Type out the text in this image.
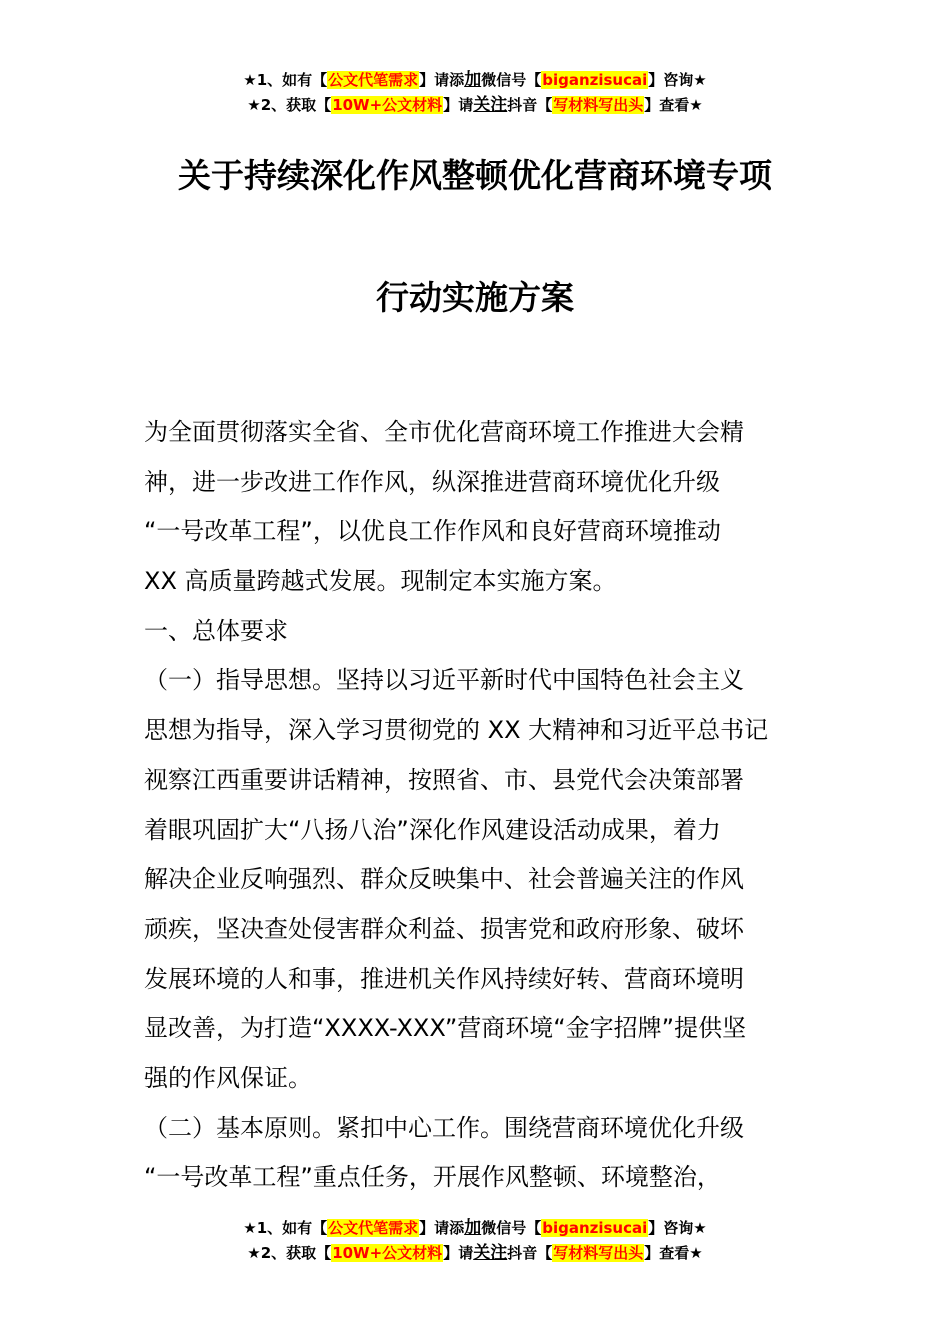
★1、如有【公文代笔需求】请添加微信号【biganzisucai】咨询★
★2、获取【10W+公文材料】请关注抖音【写材料写出头】查看★
关于持续深化作风整顿优化营商环境专项
行动实施方案
为全面贯彻落实全省、全市优化营商环境工作推进大会精
神，进一步改进工作作风，纵深推进营商环境优化升级
“一号改革工程”，以优良工作作风和良好营商环境推动
XX 高质量跨越式发展。现制定本实施方案。
一、总体要求
（一）指导思想。坚持以习近平新时代中国特色社会主义
思想为指导，深入学习贯彻党的 XX 大精神和习近平总书记
视察江西重要讲话精神，按照省、市、县党代会决策部署
着眼巩固扩大“八扬八治”深化作风建设活动成果，着力
解决企业反响强烈、群众反映集中、社会普遍关注的作风
顽疾，坚决查处侵害群众利益、损害党和政府形象、破坏
发展环境的人和事，推进机关作风持续好转、营商环境明
显改善，为打造“XXXX-XXX”营商环境“金字招牌”提供坚
强的作风保证。
（二）基本原则。紧扣中心工作。围绕营商环境优化升级
“一号改革工程”重点任务，开展作风整顿、环境整治，
★1、如有【公文代笔需求】请添加微信号【biganzisucai】咨询★
★2、获取【10W+公文材料】请关注抖音【写材料写出头】查看★
